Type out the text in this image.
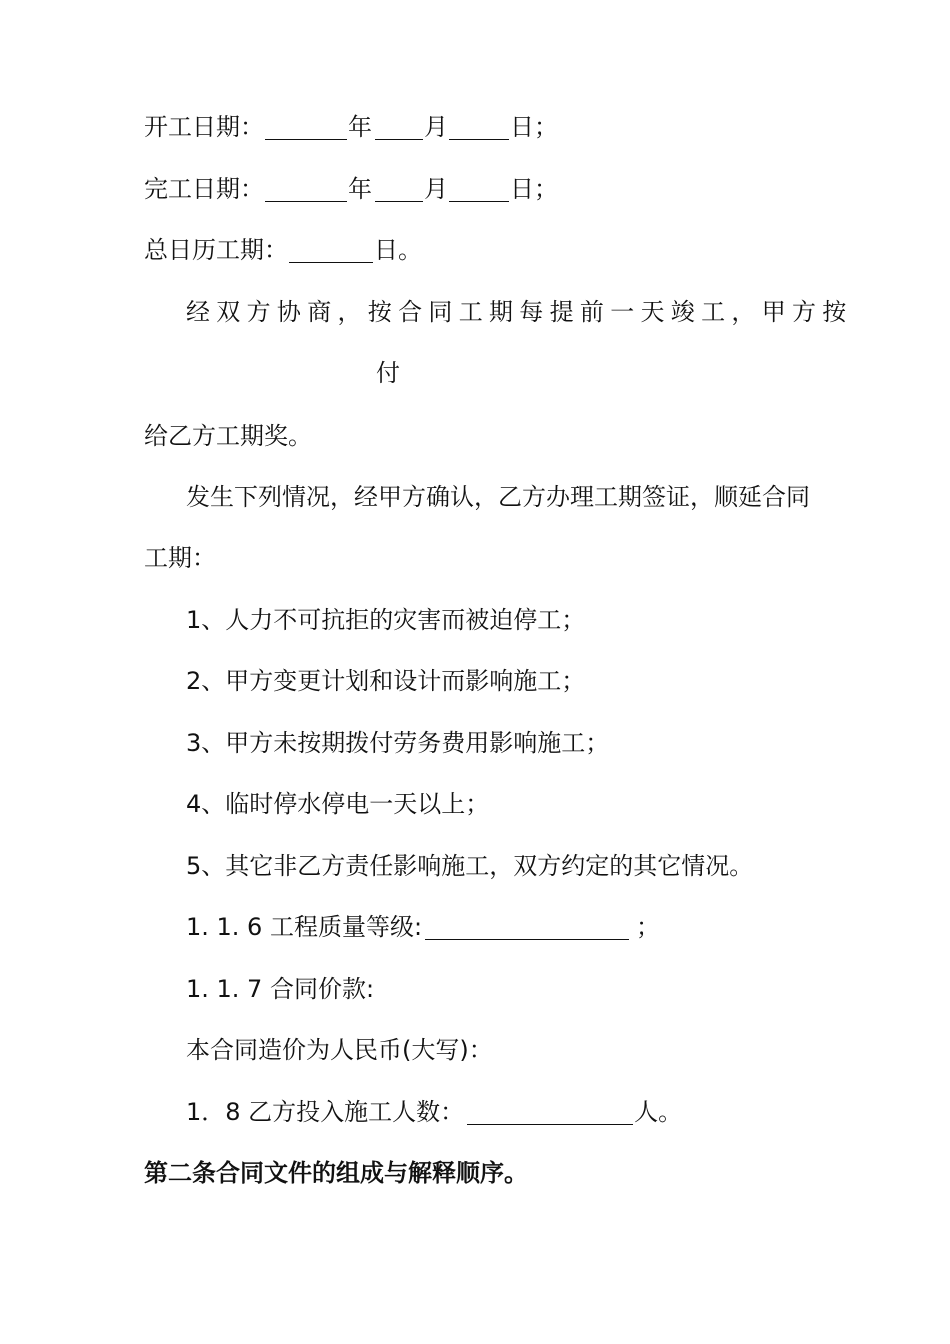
开工日期：	年 月	日；
完工日期：	年 月	日；
总日历工期：	日。
经双方协商，按合同工期每提前一天竣工，甲方按
付
给乙方工期奖。
发生下列情况，经甲方确认，乙方办理工期签证，顺延合同
工期：
1、人力不可抗拒的灾害而被迫停工；
2、甲方变更计划和设计而影响施工；
3、甲方未按期拨付劳务费用影响施工；
4、临时停水停电一天以上；
5、其它非乙方责任影响施工，双方约定的其它情况。
1. 1. 6 工程质量等级:	；
1. 1. 7 合同价款:
本合同造价为人民币(大写)：
1．8 乙方投入施工人数：	人。
第二条合同文件的组成与解释顺序。
